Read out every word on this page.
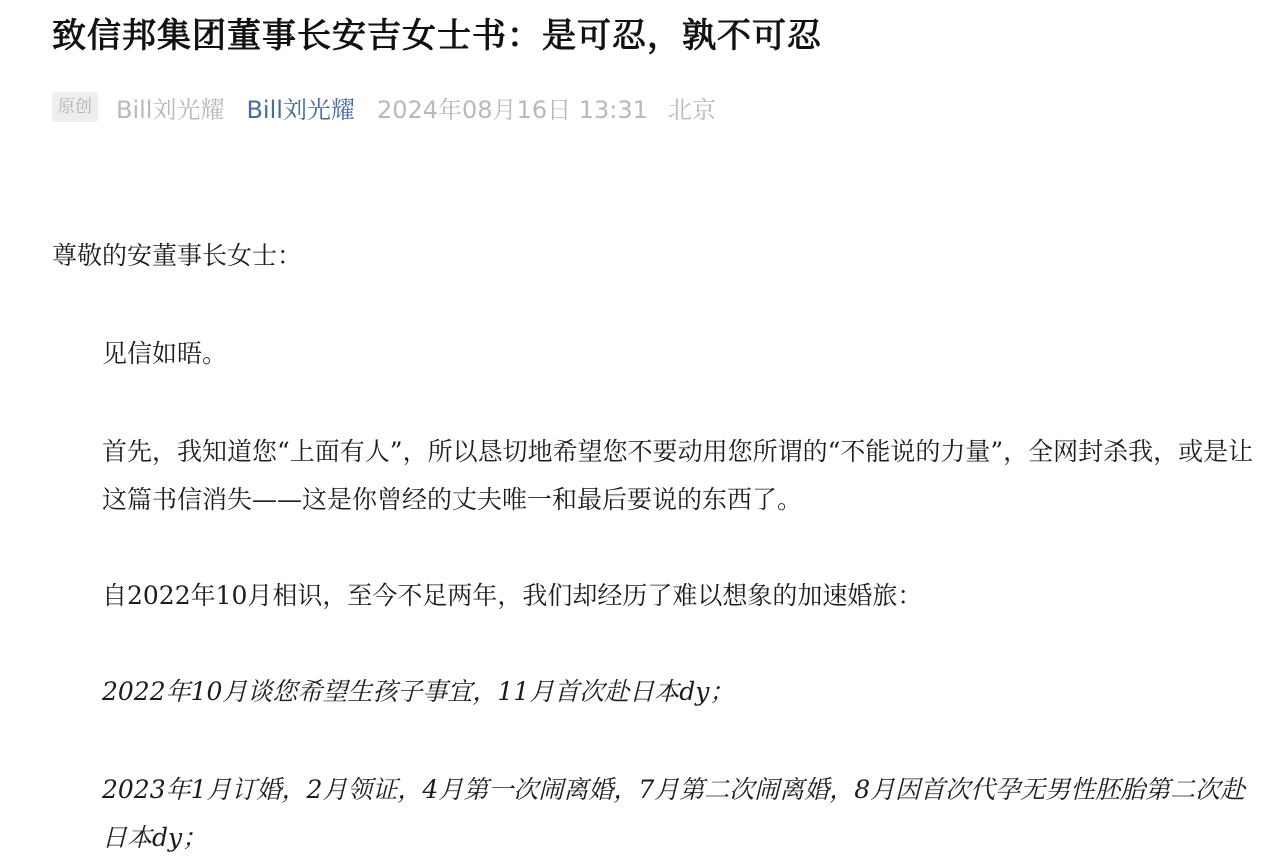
致信邦集团董事长安吉女士书：是可忍，孰不可忍
原创 Bill刘光耀 Bill刘光耀 2024年08月16日 13:31 北京
尊敬的安董事长女士：
见信如晤。
首先，我知道您“上面有人”，所以恳切地希望您不要动用您所谓的“不能说的力量”，全网封杀我，或是让这篇书信消失——这是你曾经的丈夫唯一和最后要说的东西了。
自2022年10月相识，至今不足两年，我们却经历了难以想象的加速婚旅：
2022年10月谈您希望生孩子事宜，11月首次赴日本dy；
2023年1月订婚，2月领证，4月第一次闹离婚，7月第二次闹离婚，8月因首次代孕无男性胚胎第二次赴日本dy；
